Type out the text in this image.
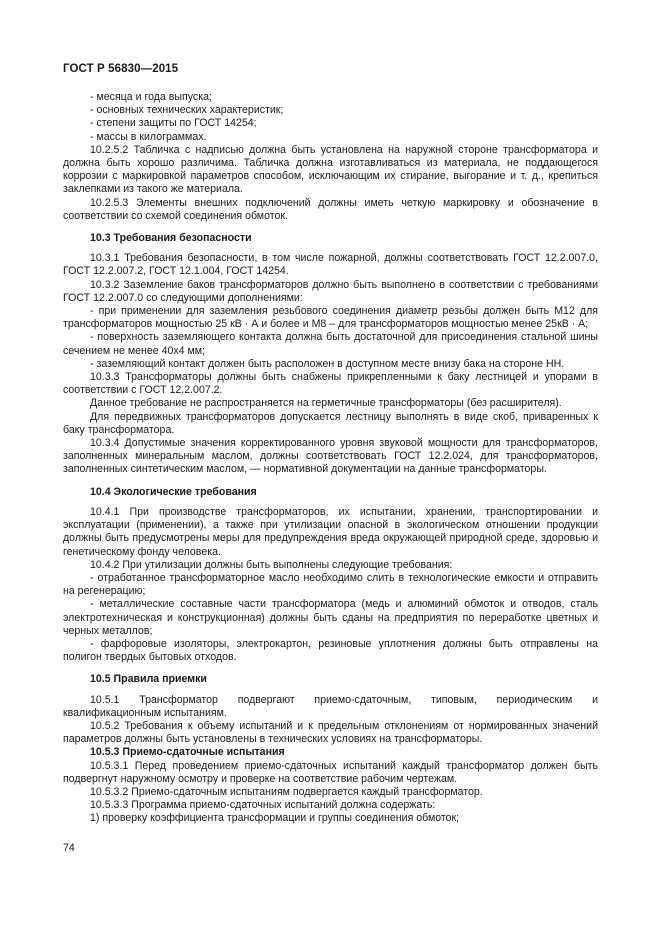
ГОСТ Р 56830—2015

- месяца и года выпуска;

- основных технических характеристик;

- степени защиты по ГОСТ 14254;

- массы в килограммах.

10.2.5.2 Табличка с надписью должна быть установлена на наружной стороне трансформатора и должна быть хорошо различима. Табличка должна изготавливаться из материала, не поддающегося коррозии с маркировкой параметров способом, исключающим их стирание, выгорание и т. д., крепиться заклепками из такого же материала.

10.2.5.3 Элементы внешних подключений должны иметь четкую маркировку и обозначение в соответствии со схемой соединения обмоток.

10.3 Требования безопасности

10.3.1 Требования безопасности, в том числе пожарной, должны соответствовать ГОСТ 12.2.007.0, ГОСТ 12.2.007.2, ГОСТ 12.1.004, ГОСТ 14254.

10.3.2 Заземление баков трансформаторов должно быть выполнено в соответствии с требованиями ГОСТ 12.2.007.0 со следующими дополнениями:

- при применении для заземления резьбового соединения диаметр резьбы должен быть М12 для трансформаторов мощностью 25 кВ · А и более и М8 – для трансформаторов мощностью менее 25кВ · А;

- поверхность заземляющего контакта должна быть достаточной для присоединения стальной шины сечением не менее 40х4 мм;

- заземляющий контакт должен быть расположен в доступном месте внизу бака на стороне НН.

10.3.3 Трансформаторы должны быть снабжены прикрепленными к баку лестницей и упорами в соответствии с ГОСТ 12.2.007.2.

Данное требование не распространяется на герметичные трансформаторы (без расширителя).

Для передвижных трансформаторов допускается лестницу выполнять в виде скоб, приваренных к баку трансформатора.

10.3.4 Допустимые значения корректированного уровня звуковой мощности для трансформаторов, заполненных минеральным маслом, должны соответствовать ГОСТ 12.2.024, для трансформаторов, заполненных синтетическим маслом, — нормативной документации на данные трансформаторы.

10.4 Экологические требования

10.4.1 При производстве трансформаторов, их испытании, хранении, транспортировании и эксплуатации (применении), а также при утилизации опасной в экологическом отношении продукции должны быть предусмотрены меры для предупреждения вреда окружающей природной среде, здоровью и генетическому фонду человека.

10.4.2 При утилизации должны быть выполнены следующие требования:

- отработанное трансформаторное масло необходимо слить в технологические емкости и отправить на регенерацию;

- металлические составные части трансформатора (медь и алюминий обмоток и отводов, сталь электротехническая и конструкционная) должны быть сданы на предприятия по переработке цветных и черных металлов;

- фарфоровые изоляторы, электрокартон, резиновые уплотнения должны быть отправлены на полигон твердых бытовых отходов.

10.5 Правила приемки

10.5.1 Трансформатор подвергают приемо-сдаточным, типовым, периодическим и квалификационным испытаниям.

10.5.2 Требования к объему испытаний и к предельным отклонениям от нормированных значений параметров должны быть установлены в технических условиях на трансформаторы.

10.5.3 Приемо-сдаточные испытания

10.5.3.1 Перед проведением приемо-сдаточных испытаний каждый трансформатор должен быть подвергнут наружному осмотру и проверке на соответствие рабочим чертежам.

10.5.3.2 Приемо-сдаточным испытаниям подвергается каждый трансформатор.

10.5.3.3 Программа приемо-сдаточных испытаний должна содержать:

1) проверку коэффициента трансформации и группы соединения обмоток;

74
